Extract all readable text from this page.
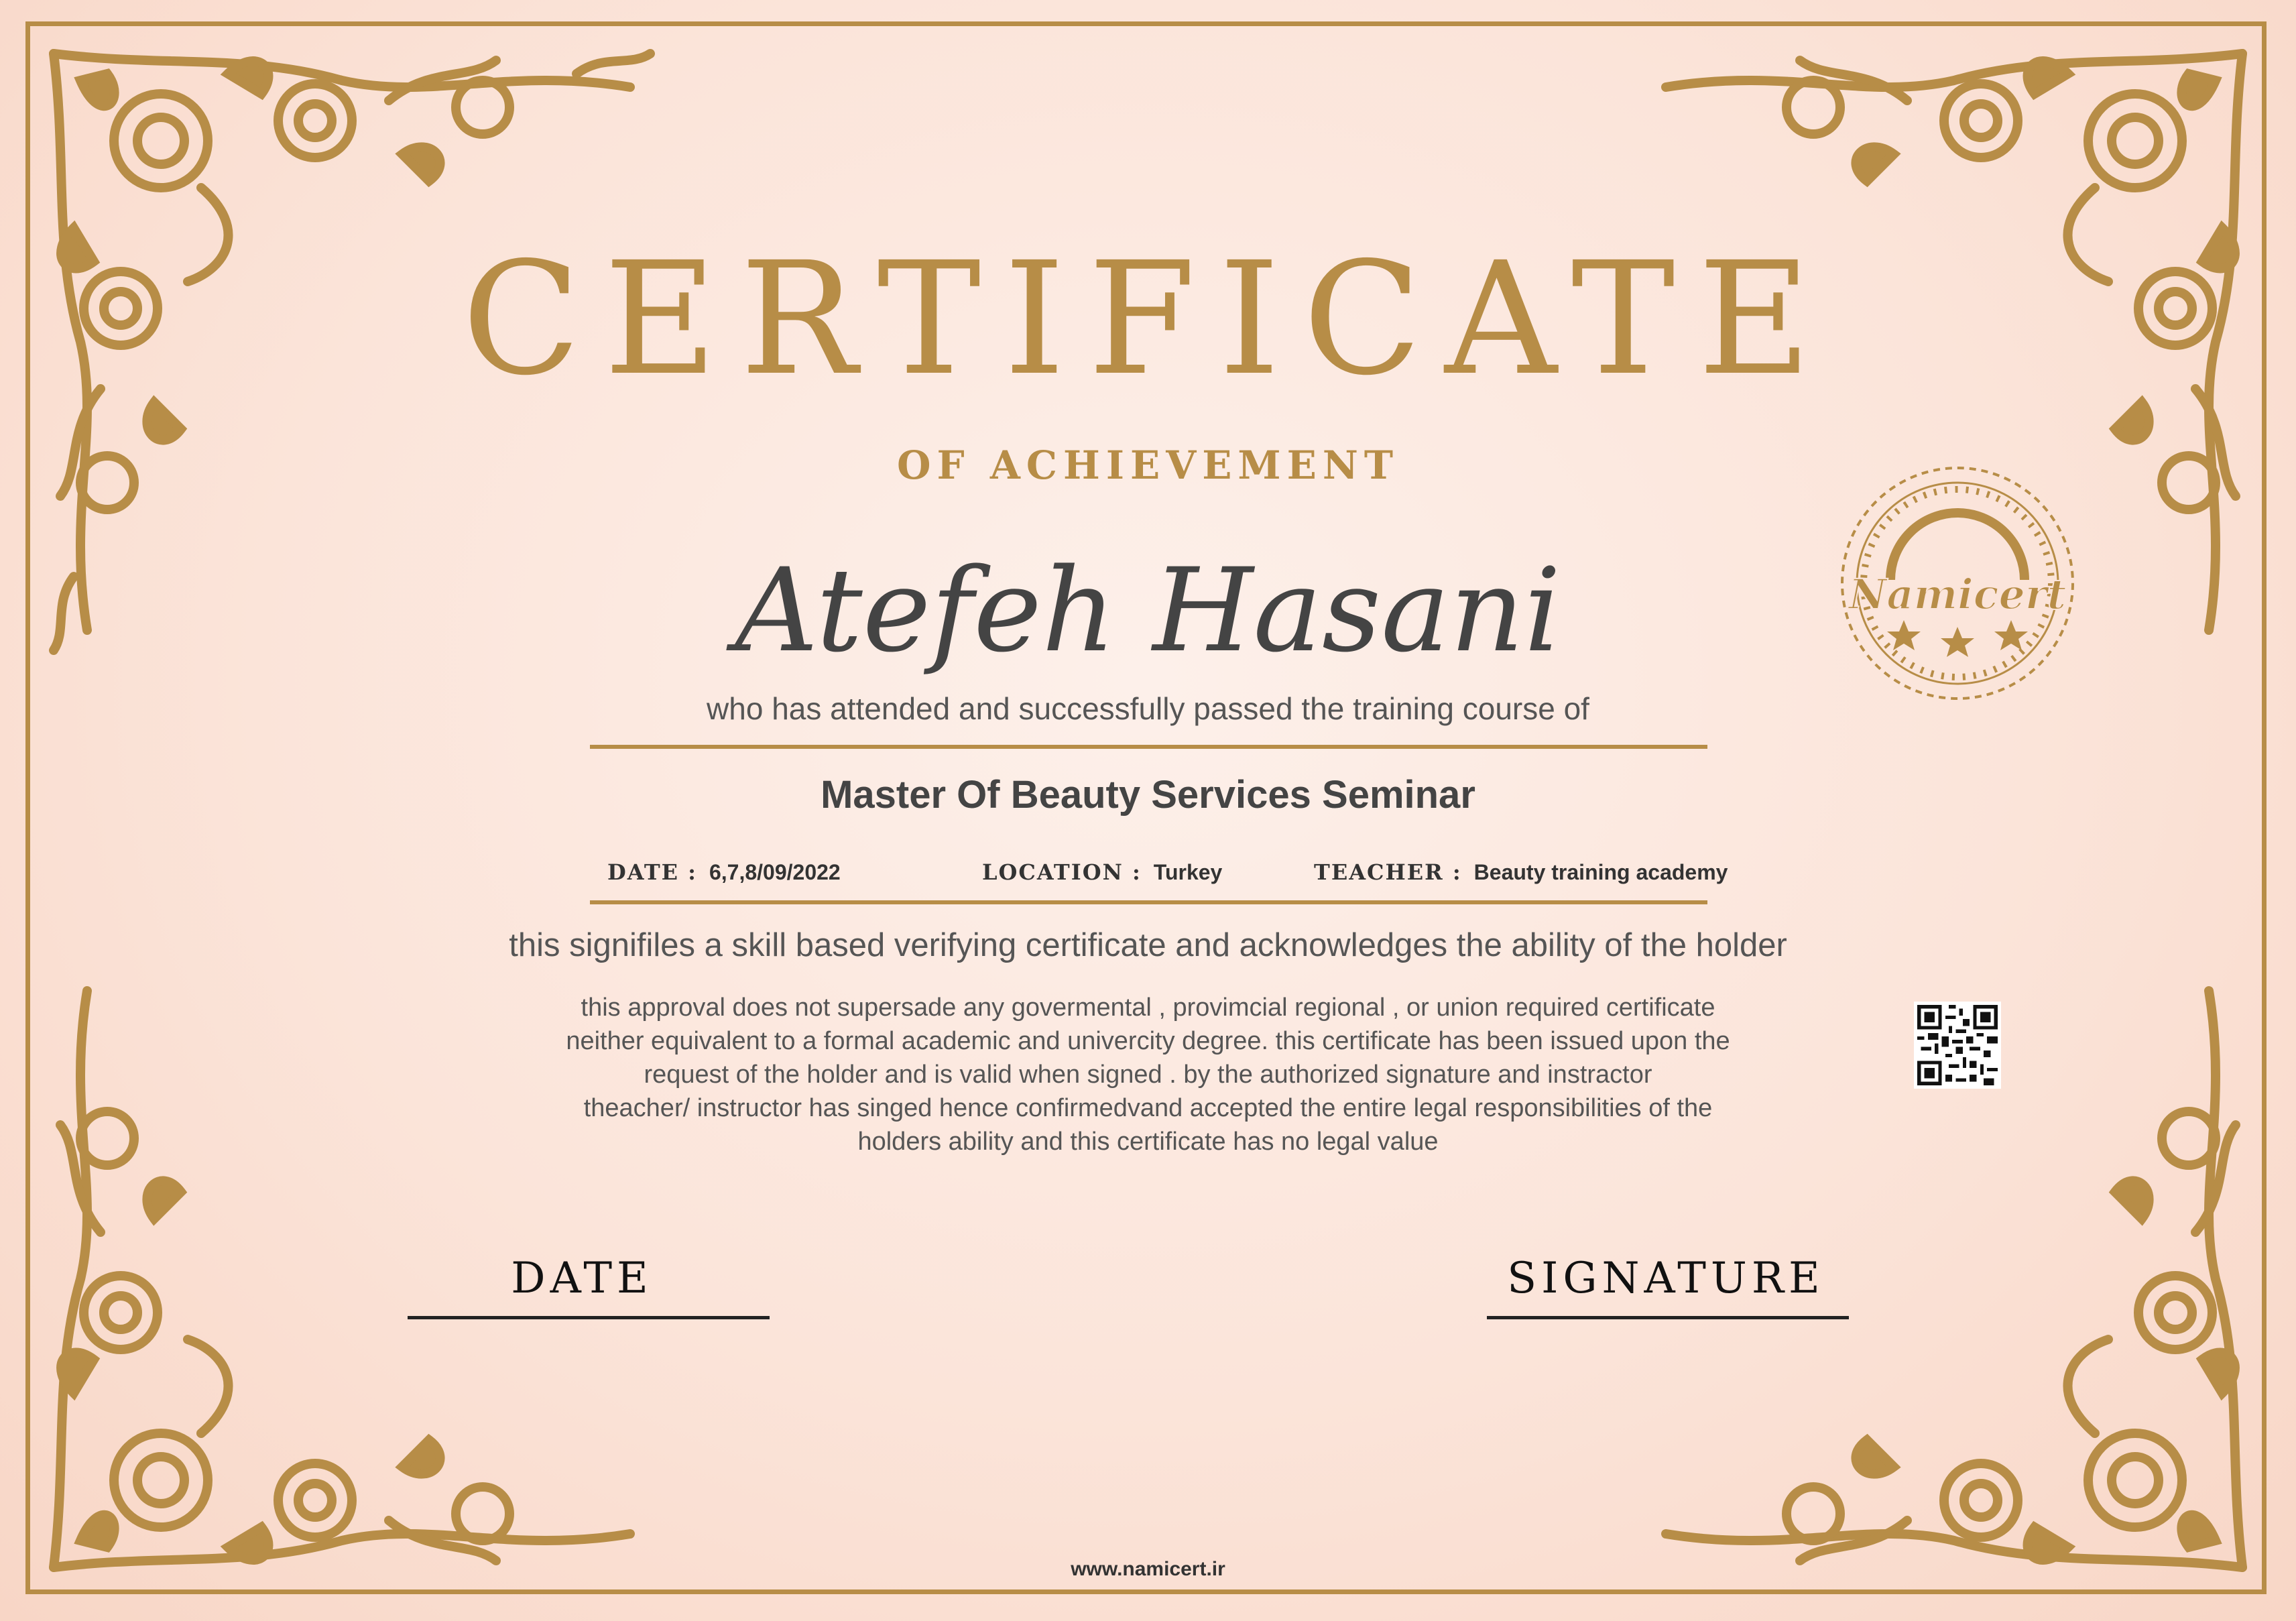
CERTIFICATE
OF ACHIEVEMENT
Atefeh Hasani
who has attended and successfully passed the training course of
Master Of Beauty Services Seminar
DATE : 6,7,8/09/2022	LOCATION : Turkey	TEACHER : Beauty training academy
this signifiles a skill based verifying certificate and acknowledges the ability of the holder
this approval does not supersade any govermental , provimcial regional , or union required certificate
neither equivalent to a formal academic and univercity degree. this certificate has been issued upon the
request of the holder and is valid when signed . by the authorized signature and instractor
theacher/ instructor has singed hence confirmedvand accepted the entire legal responsibilities of the
holders ability and this certificate has no legal value
DATE	SIGNATURE
Namicert
www.namicert.ir
